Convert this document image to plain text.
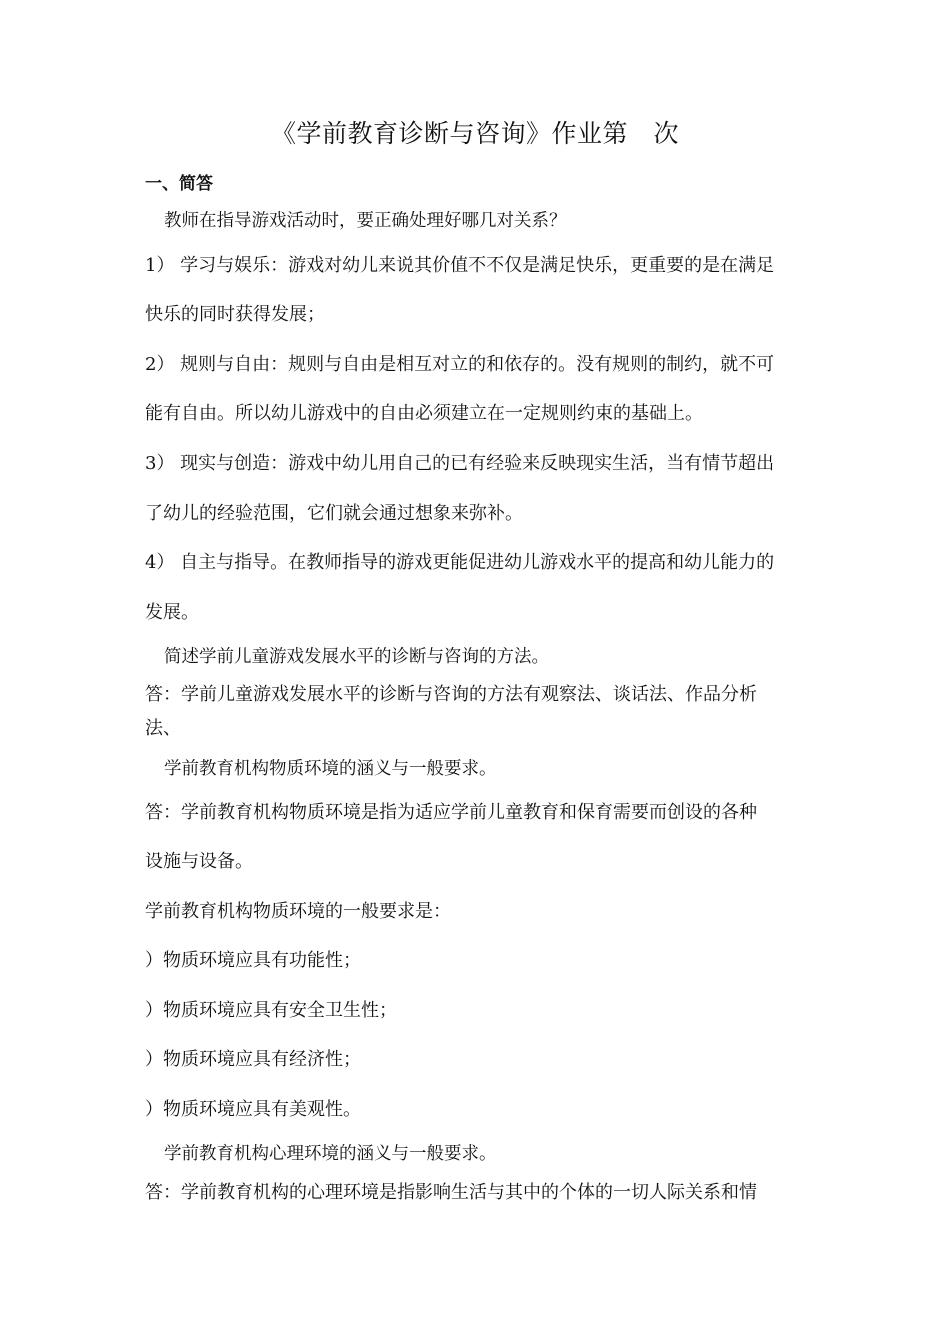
《学前教育诊断与咨询》作业第　次
一、简答
教师在指导游戏活动时，要正确处理好哪几对关系？
1） 学习与娱乐：游戏对幼儿来说其价值不不仅是满足快乐，更重要的是在满足
快乐的同时获得发展；
2） 规则与自由：规则与自由是相互对立的和依存的。没有规则的制约，就不可
能有自由。所以幼儿游戏中的自由必须建立在一定规则约束的基础上。
3） 现实与创造：游戏中幼儿用自己的已有经验来反映现实生活，当有情节超出
了幼儿的经验范围，它们就会通过想象来弥补。
4） 自主与指导。在教师指导的游戏更能促进幼儿游戏水平的提高和幼儿能力的
发展。
简述学前儿童游戏发展水平的诊断与咨询的方法。
答：学前儿童游戏发展水平的诊断与咨询的方法有观察法、谈话法、作品分析
法、
学前教育机构物质环境的涵义与一般要求。
答：学前教育机构物质环境是指为适应学前儿童教育和保育需要而创设的各种
设施与设备。
学前教育机构物质环境的一般要求是：
）物质环境应具有功能性；
）物质环境应具有安全卫生性；
）物质环境应具有经济性；
）物质环境应具有美观性。
学前教育机构心理环境的涵义与一般要求。
答：学前教育机构的心理环境是指影响生活与其中的个体的一切人际关系和情
